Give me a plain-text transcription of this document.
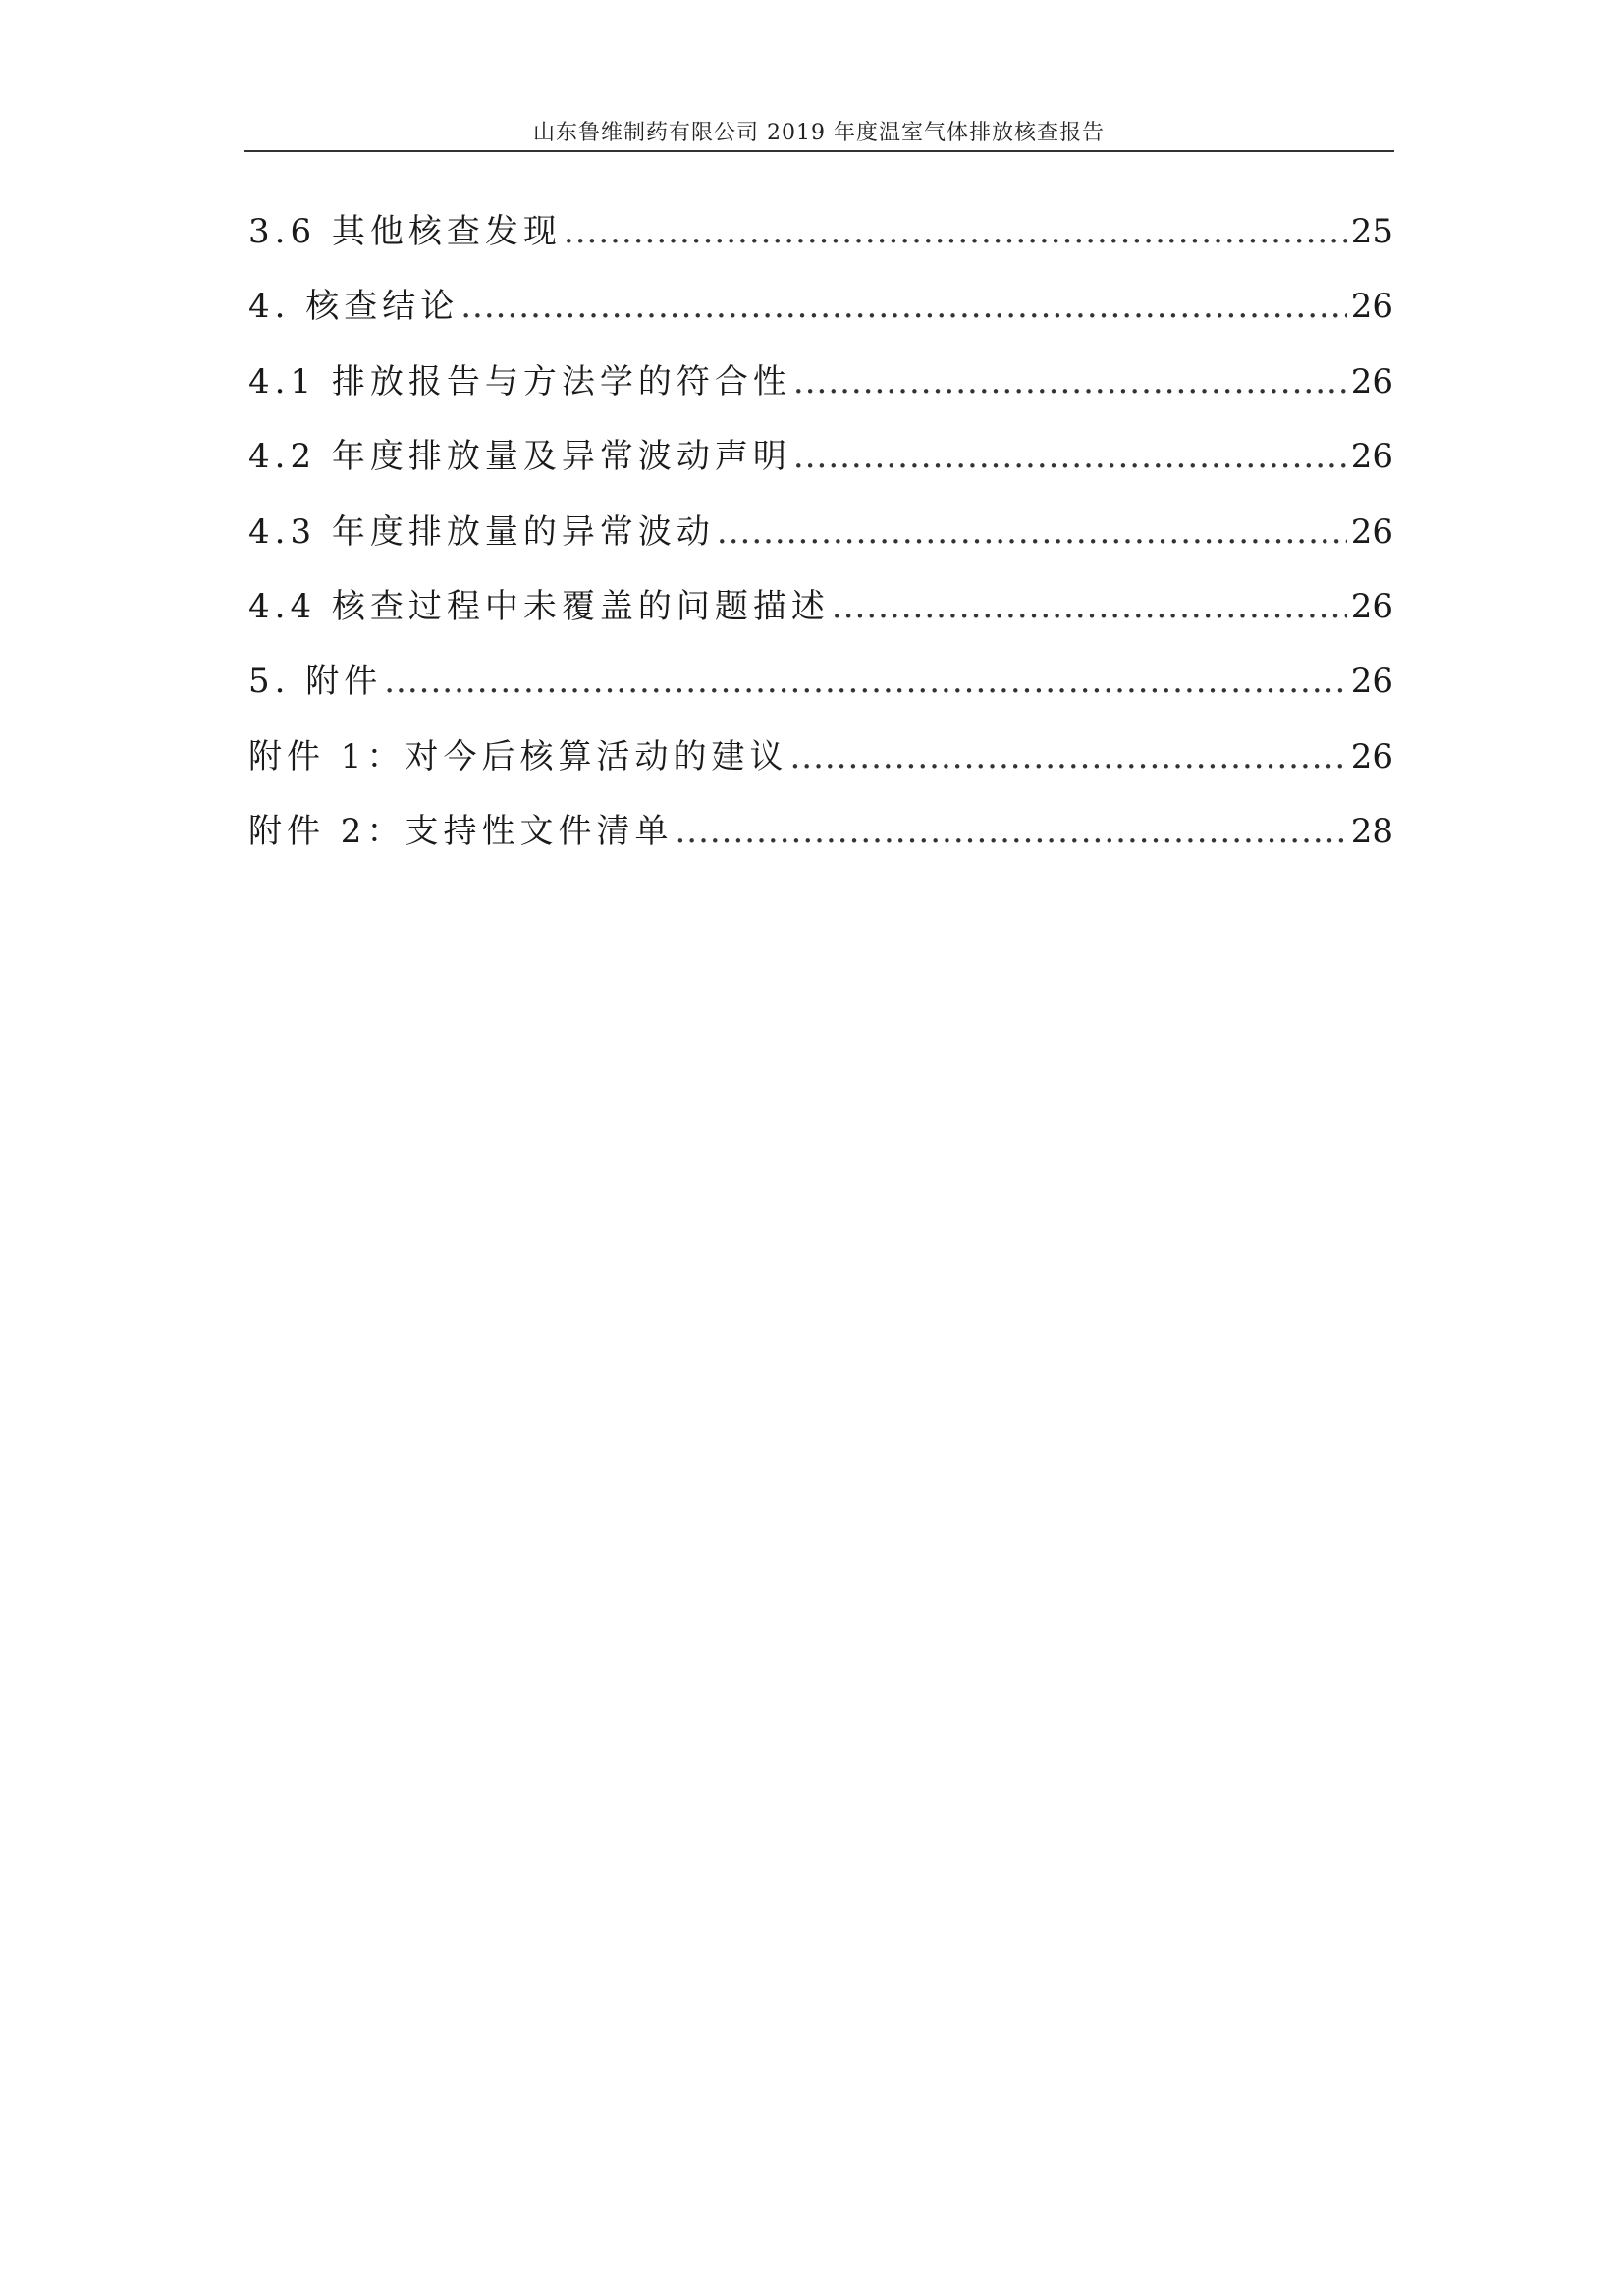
山东鲁维制药有限公司 2019 年度温室气体排放核查报告
3.6 其他核查发现 .....	25
4. 核查结论 .....	26
4.1 排放报告与方法学的符合性 .....	26
4.2 年度排放量及异常波动声明 .....	26
4.3 年度排放量的异常波动 .....	26
4.4 核查过程中未覆盖的问题描述 .....	26
5. 附件 .....	26
附件 1：对今后核算活动的建议 .....	26
附件 2：支持性文件清单 .....	28
